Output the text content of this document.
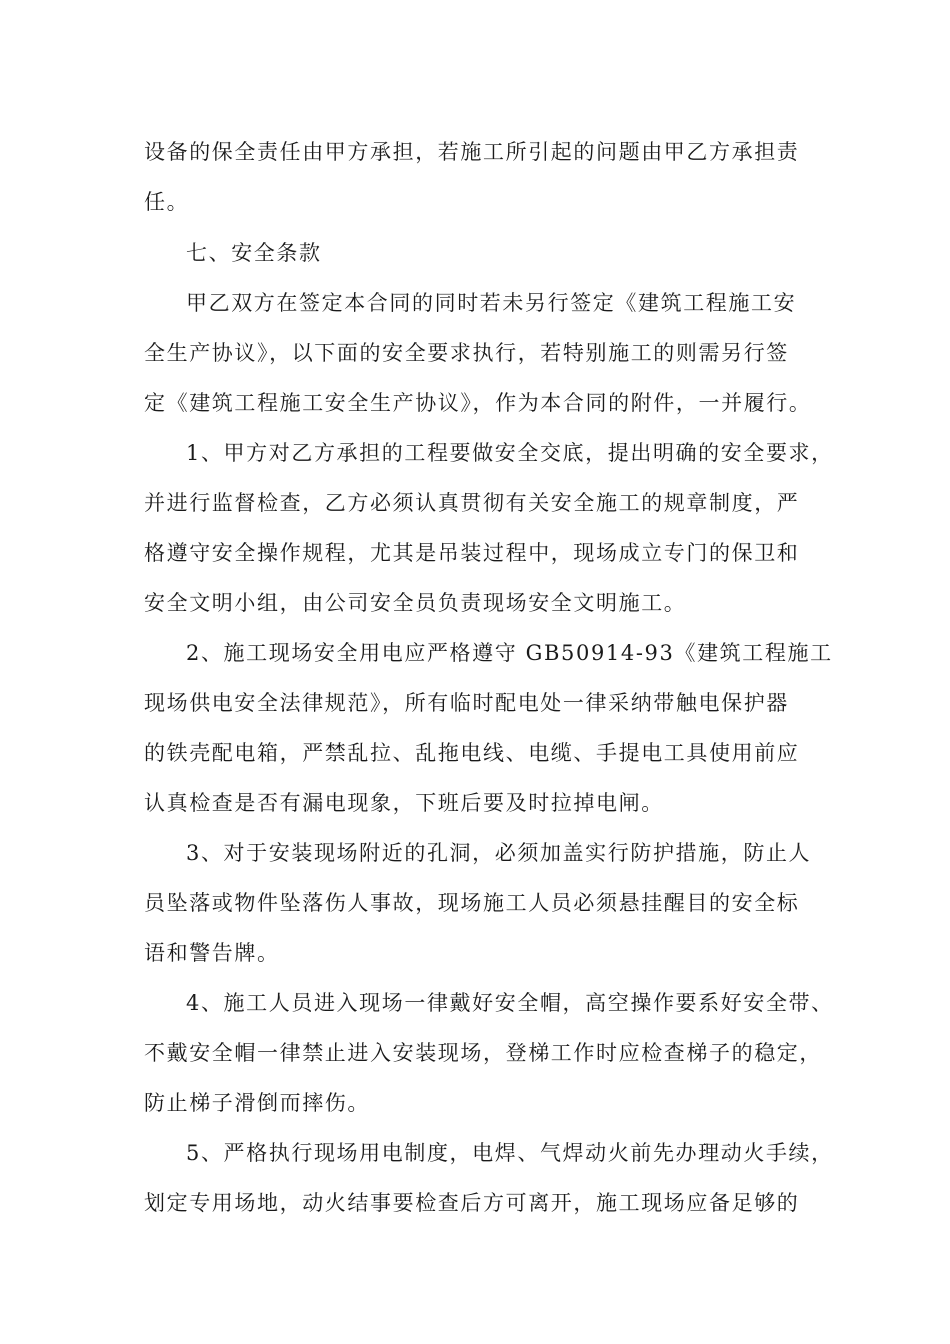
设备的保全责任由甲方承担，若施工所引起的问题由甲乙方承担责
任。
七、安全条款
甲乙双方在签定本合同的同时若未另行签定《建筑工程施工安
全生产协议》，以下面的安全要求执行，若特别施工的则需另行签
定《建筑工程施工安全生产协议》，作为本合同的附件，一并履行。
1、甲方对乙方承担的工程要做安全交底，提出明确的安全要求，
并进行监督检查，乙方必须认真贯彻有关安全施工的规章制度，严
格遵守安全操作规程，尤其是吊装过程中，现场成立专门的保卫和
安全文明小组，由公司安全员负责现场安全文明施工。
2、施工现场安全用电应严格遵守 GB50914-93《建筑工程施工
现场供电安全法律规范》，所有临时配电处一律采纳带触电保护器
的铁壳配电箱，严禁乱拉、乱拖电线、电缆、手提电工具使用前应
认真检查是否有漏电现象，下班后要及时拉掉电闸。
3、对于安装现场附近的孔洞，必须加盖实行防护措施，防止人
员坠落或物件坠落伤人事故，现场施工人员必须悬挂醒目的安全标
语和警告牌。
4、施工人员进入现场一律戴好安全帽，高空操作要系好安全带、
不戴安全帽一律禁止进入安装现场，登梯工作时应检查梯子的稳定，
防止梯子滑倒而摔伤。
5、严格执行现场用电制度，电焊、气焊动火前先办理动火手续，
划定专用场地，动火结事要检查后方可离开，施工现场应备足够的
